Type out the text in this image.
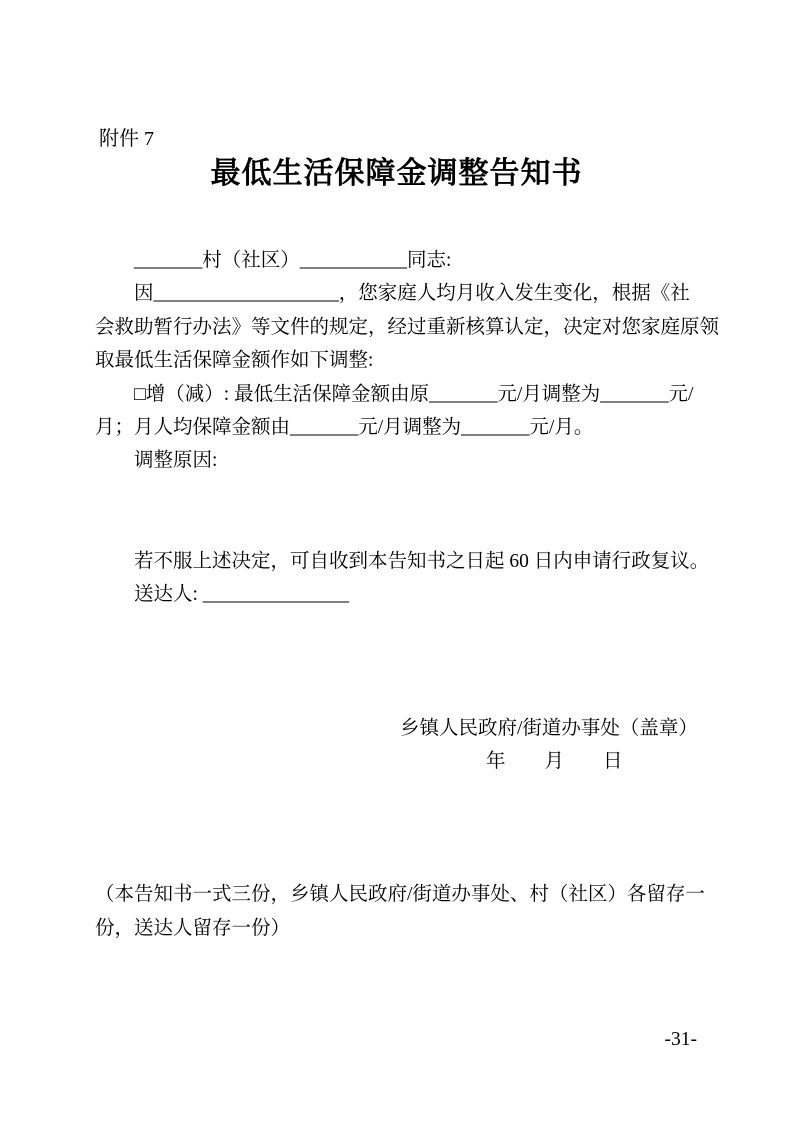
附件 7
最低生活保障金调整告知书
_______村（社区）___________同志:
因___________________，您家庭人均月收入发生变化，根据《社
会救助暂行办法》等文件的规定，经过重新核算认定，决定对您家庭原领
取最低生活保障金额作如下调整:
□增（减）: 最低生活保障金额由原_______元/月调整为_______元/
月；月人均保障金额由_______元/月调整为_______元/月。
调整原因:
若不服上述决定，可自收到本告知书之日起 60 日内申请行政复议。
送达人: _______________
乡镇人民政府/街道办事处（盖章）
年　　月　　日
（本告知书一式三份，乡镇人民政府/街道办事处、村（社区）各留存一
份，送达人留存一份）
-31-
